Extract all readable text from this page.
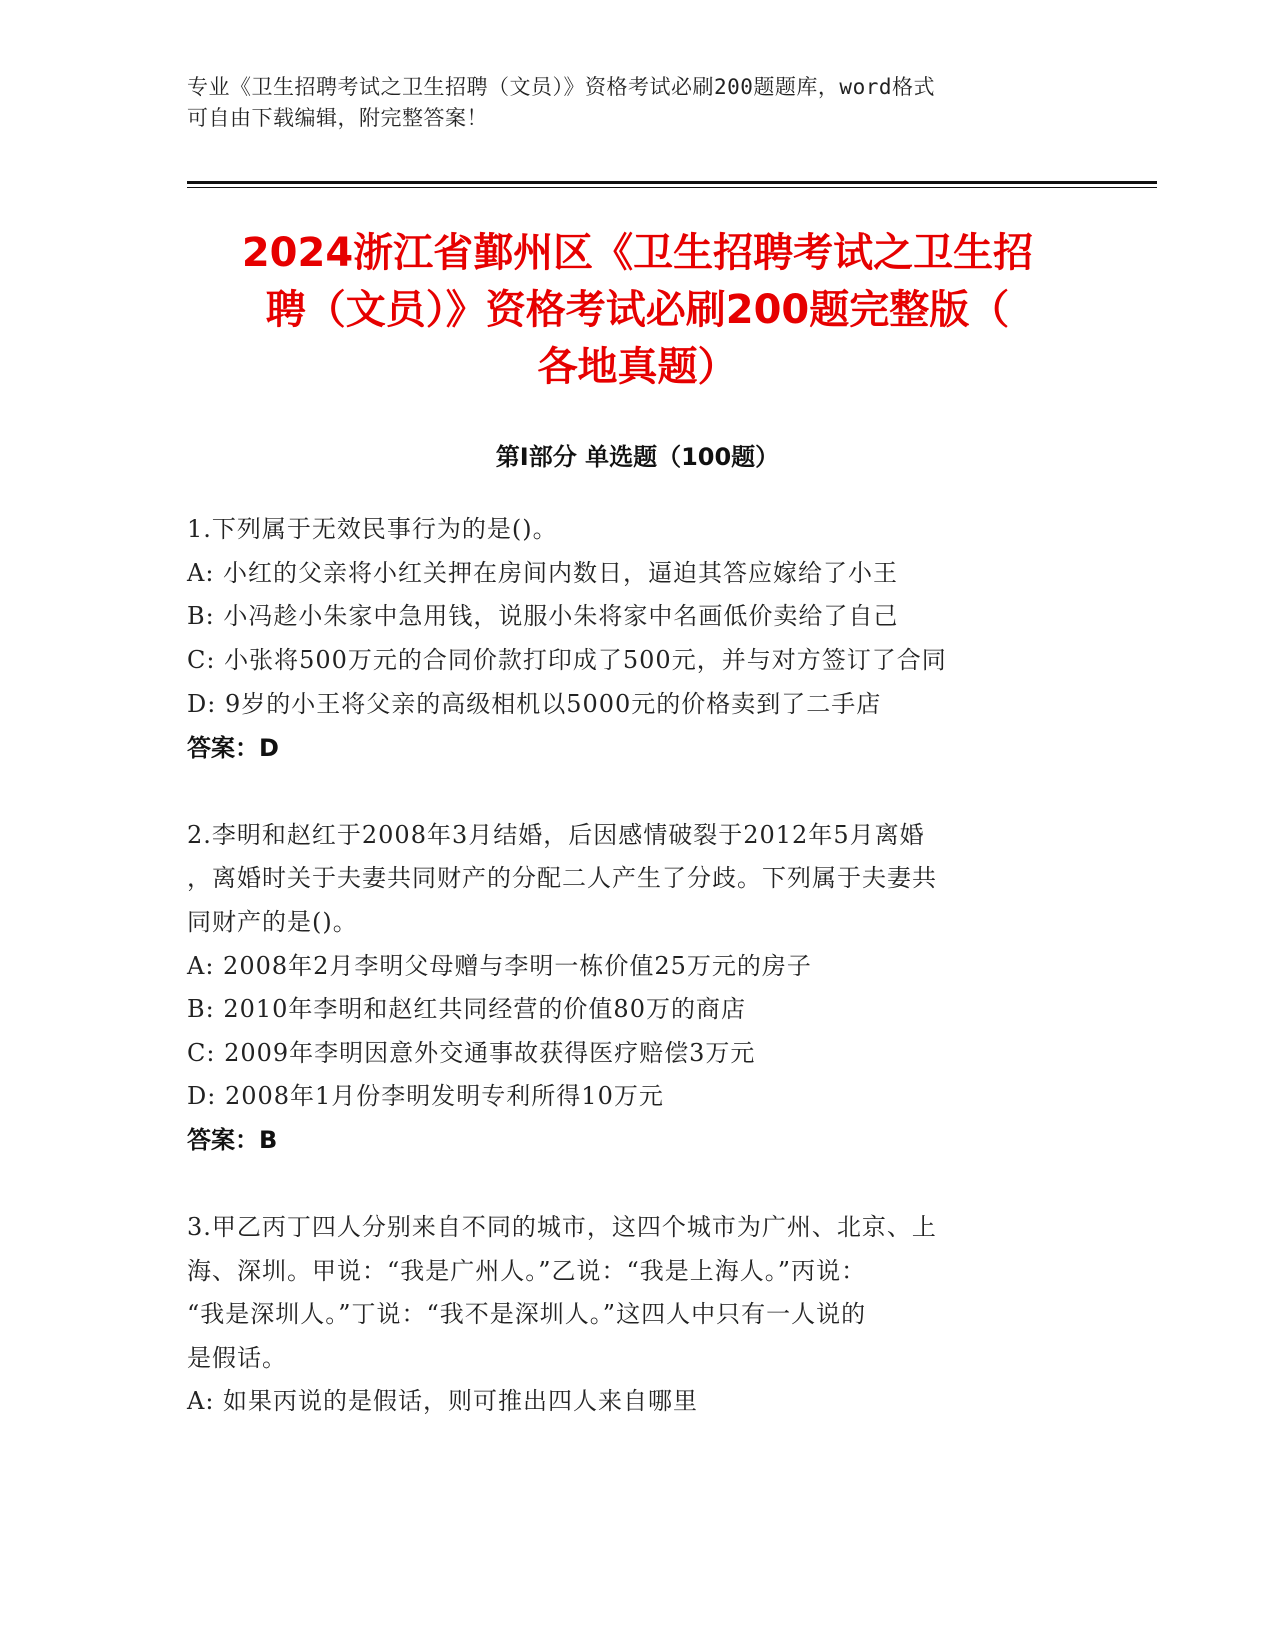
专业《卫生招聘考试之卫生招聘（文员）》资格考试必刷200题题库，word格式
可自由下载编辑，附完整答案！
2024浙江省鄞州区《卫生招聘考试之卫生招
聘（文员）》资格考试必刷200题完整版（
各地真题）
第Ⅰ部分 单选题（100题）
1.下列属于无效民事行为的是()。
A: 小红的父亲将小红关押在房间内数日，逼迫其答应嫁给了小王
B: 小冯趁小朱家中急用钱，说服小朱将家中名画低价卖给了自己
C: 小张将500万元的合同价款打印成了500元，并与对方签订了合同
D: 9岁的小王将父亲的高级相机以5000元的价格卖到了二手店
答案：D
2.李明和赵红于2008年3月结婚，后因感情破裂于2012年5月离婚
，离婚时关于夫妻共同财产的分配二人产生了分歧。下列属于夫妻共
同财产的是()。
A: 2008年2月李明父母赠与李明一栋价值25万元的房子
B: 2010年李明和赵红共同经营的价值80万的商店
C: 2009年李明因意外交通事故获得医疗赔偿3万元
D: 2008年1月份李明发明专利所得10万元
答案：B
3.甲乙丙丁四人分别来自不同的城市，这四个城市为广州、北京、上
海、深圳。甲说：“我是广州人。”乙说：“我是上海人。”丙说：
“我是深圳人。”丁说：“我不是深圳人。”这四人中只有一人说的
是假话。
A: 如果丙说的是假话，则可推出四人来自哪里
